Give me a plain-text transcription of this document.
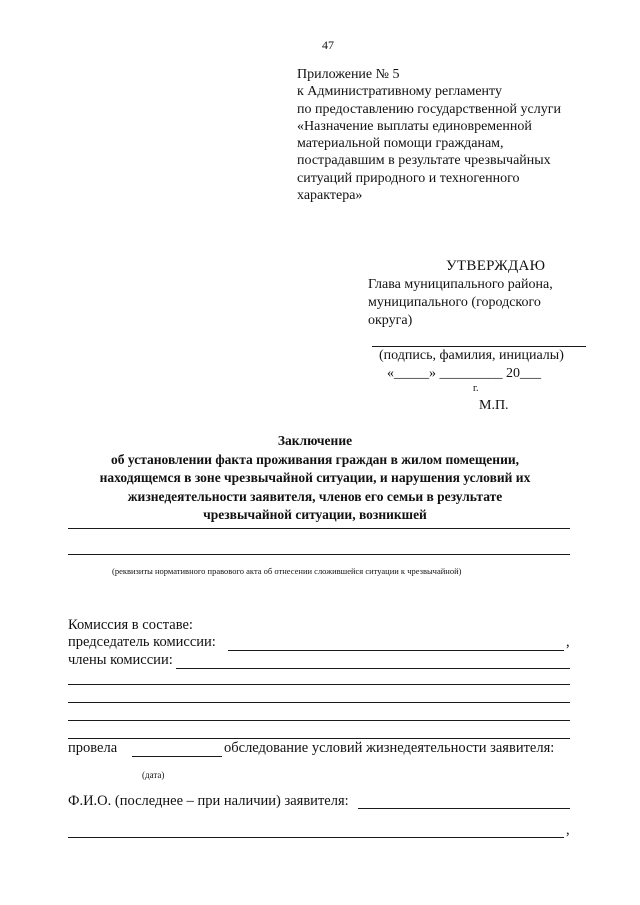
47
Приложение № 5
к Административному регламенту
по предоставлению государственной услуги
«Назначение выплаты единовременной
материальной помощи гражданам,
пострадавшим в результате чрезвычайных
ситуаций природного и техногенного
характера»
УТВЕРЖДАЮ
Глава муниципального района,
муниципального (городского
округа)
(подпись, фамилия, инициалы)
«_____» _________ 20___
г.
М.П.
Заключение
об установлении факта проживания граждан в жилом помещении,
находящемся в зоне чрезвычайной ситуации, и нарушения условий их
жизнедеятельности заявителя, членов его семьи в результате
чрезвычайной ситуации, возникшей
(реквизиты нормативного правового акта об отнесении сложившейся ситуации к чрезвычайной)
Комиссия в составе:
председатель комиссии:	,
члены комиссии:
провела	обследование условий жизнедеятельности заявителя:
(дата)
Ф.И.О. (последнее – при наличии) заявителя:
,
